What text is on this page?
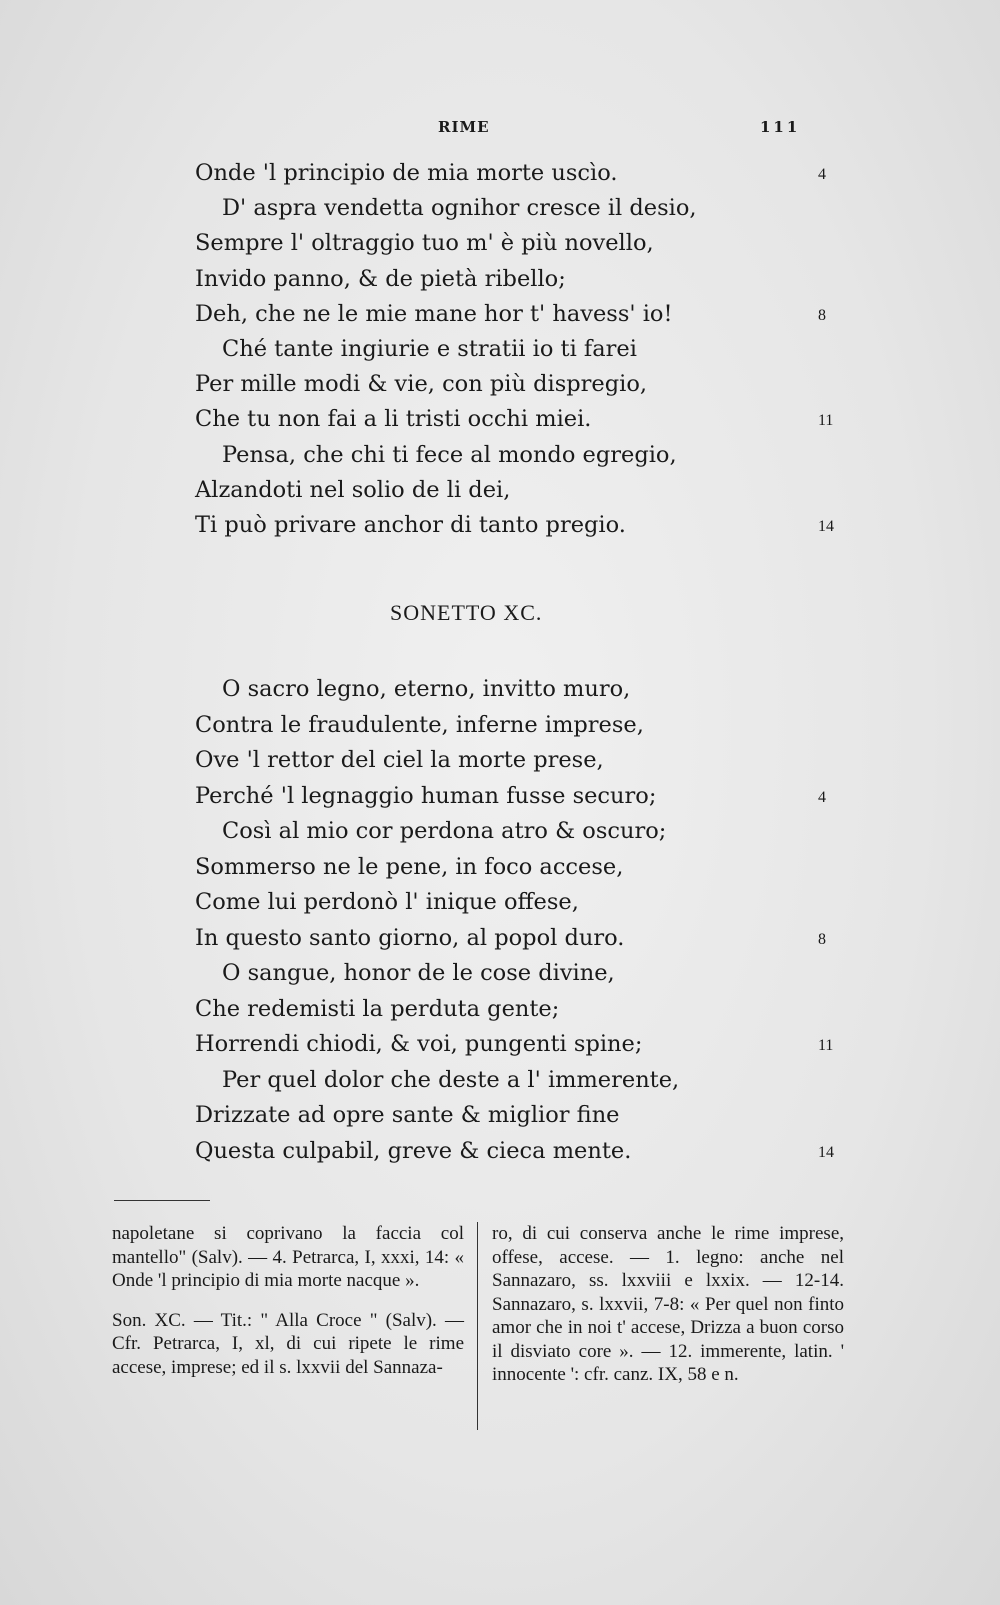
RIME	111
Onde 'l principio de mia morte uscìo.	4
D' aspra vendetta ognihor cresce il desio,
Sempre l' oltraggio tuo m' è più novello,
Invido panno, & de pietà ribello;
Deh, che ne le mie mane hor t' havess' io!	8
Ché tante ingiurie e stratii io ti farei
Per mille modi & vie, con più dispregio,
Che tu non fai a li tristi occhi miei.	11
Pensa, che chi ti fece al mondo egregio,
Alzandoti nel solio de li dei,
Ti può privare anchor di tanto pregio.	14
SONETTO XC.
O sacro legno, eterno, invitto muro,
Contra le fraudulente, inferne imprese,
Ove 'l rettor del ciel la morte prese,
Perché 'l legnaggio human fusse securo;	4
Così al mio cor perdona atro & oscuro;
Sommerso ne le pene, in foco accese,
Come lui perdonò l' inique offese,
In questo santo giorno, al popol duro.	8
O sangue, honor de le cose divine,
Che redemisti la perduta gente;
Horrendi chiodi, & voi, pungenti spine;	11
Per quel dolor che deste a l' immerente,
Drizzate ad opre sante & miglior fine
Questa culpabil, greve & cieca mente.	14

napoletane si coprivano la faccia col mantello" (Salv). — 4. Petrarca, I, xxxi, 14: « Onde 'l principio di mia morte nacque ».

Son. XC. — Tit.: " Alla Croce " (Salv). — Cfr. Petrarca, I, xl, di cui ripete le rime accese, imprese; ed il s. lxxvii del Sannaza-

ro, di cui conserva anche le rime imprese, offese, accese. — 1. legno: anche nel Sannazaro, ss. lxxviii e lxxix. — 12-14. Sannazaro, s. lxxvii, 7-8: « Per quel non finto amor che in noi t' accese, Drizza a buon corso il disviato core ». — 12. immerente, latin. ' innocente ': cfr. canz. IX, 58 e n.
